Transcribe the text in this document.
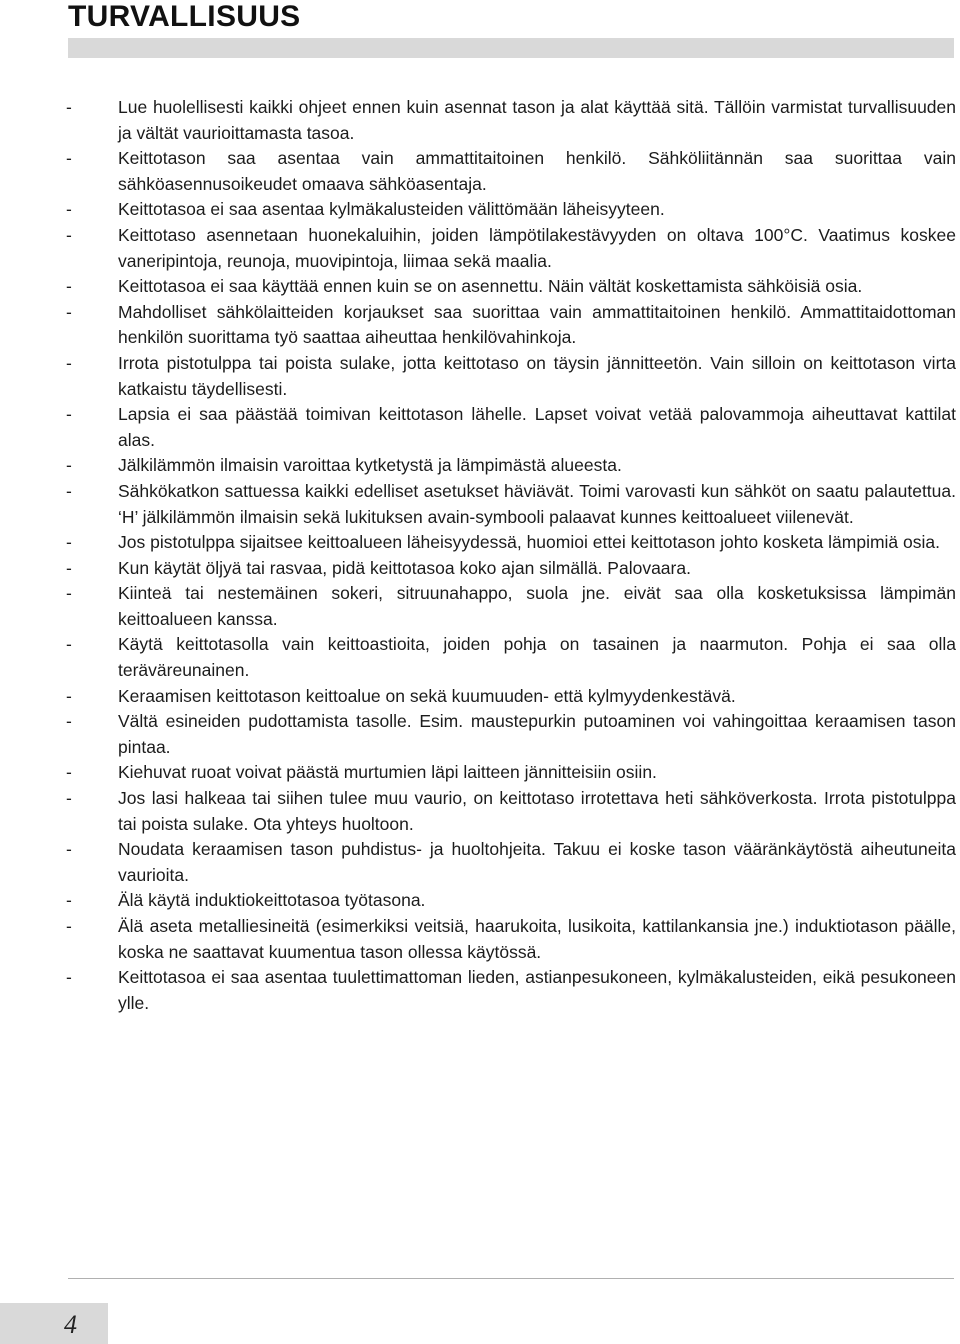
TURVALLISUUS
-	Lue huolellisesti kaikki ohjeet ennen kuin asennat tason ja alat käyttää sitä. Tällöin varmistat turvallisuuden ja vältät vaurioittamasta tasoa.
-	Keittotason saa asentaa vain ammattitaitoinen henkilö. Sähköliitännän saa suorittaa vain sähköasennusoikeudet omaava sähköasentaja.
-	Keittotasoa ei saa asentaa kylmäkalusteiden välittömään läheisyyteen.
-	Keittotaso asennetaan huonekaluihin, joiden lämpötilakestävyyden on oltava 100°C. Vaatimus koskee vaneripintoja, reunoja, muovipintoja, liimaa sekä maalia.
-	Keittotasoa ei saa käyttää ennen kuin se on asennettu. Näin vältät koskettamista sähköisiä osia.
-	Mahdolliset sähkölaitteiden korjaukset saa suorittaa vain ammattitaitoinen henkilö. Ammattitaidottoman henkilön suorittama työ saattaa aiheuttaa henkilövahinkoja.
-	Irrota pistotulppa tai poista sulake, jotta keittotaso on täysin jännitteetön. Vain silloin on keittotason virta katkaistu täydellisesti.
-	Lapsia ei saa päästää toimivan keittotason lähelle. Lapset voivat vetää palovammoja aiheuttavat kattilat alas.
-	Jälkilämmön ilmaisin varoittaa kytketystä ja lämpimästä alueesta.
-	Sähkökatkon sattuessa kaikki edelliset asetukset häviävät. Toimi varovasti kun sähköt on saatu palautettua. ‘H’ jälkilämmön ilmaisin sekä lukituksen avain-symbooli palaavat kunnes keittoalueet viilenevät.
-	Jos pistotulppa sijaitsee keittoalueen läheisyydessä, huomioi ettei keittotason johto kosketa lämpimiä osia.
-	Kun käytät öljyä tai rasvaa, pidä keittotasoa koko ajan silmällä. Palovaara.
-	Kiinteä tai nestemäinen sokeri, sitruunahappo, suola jne. eivät saa olla kosketuksissa lämpimän keittoalueen kanssa.
-	Käytä keittotasolla vain keittoastioita, joiden pohja on tasainen ja naarmuton. Pohja ei saa olla teräväreunainen.
-	Keraamisen keittotason keittoalue on sekä kuumuuden- että kylmyydenkestävä.
-	Vältä esineiden pudottamista tasolle. Esim. maustepurkin putoaminen voi vahingoittaa keraamisen tason pintaa.
-	Kiehuvat ruoat voivat päästä murtumien läpi laitteen jännitteisiin osiin.
-	Jos lasi halkeaa tai siihen tulee muu vaurio, on keittotaso irrotettava heti sähköverkosta. Irrota pistotulppa tai poista sulake. Ota yhteys huoltoon.
-	Noudata keraamisen tason puhdistus- ja huoltohjeita. Takuu ei koske tason vääränkäytöstä aiheutuneita vaurioita.
-	Älä käytä induktiokeittotasoa työtasona.
-	Älä aseta metalliesineitä (esimerkiksi veitsiä, haarukoita, lusikoita, kattilankansia jne.) induktiotason päälle, koska ne saattavat kuumentua tason ollessa käytössä.
-	Keittotasoa ei saa asentaa tuulettimattoman lieden, astianpesukoneen, kylmäkalusteiden, eikä pesukoneen ylle.
4
